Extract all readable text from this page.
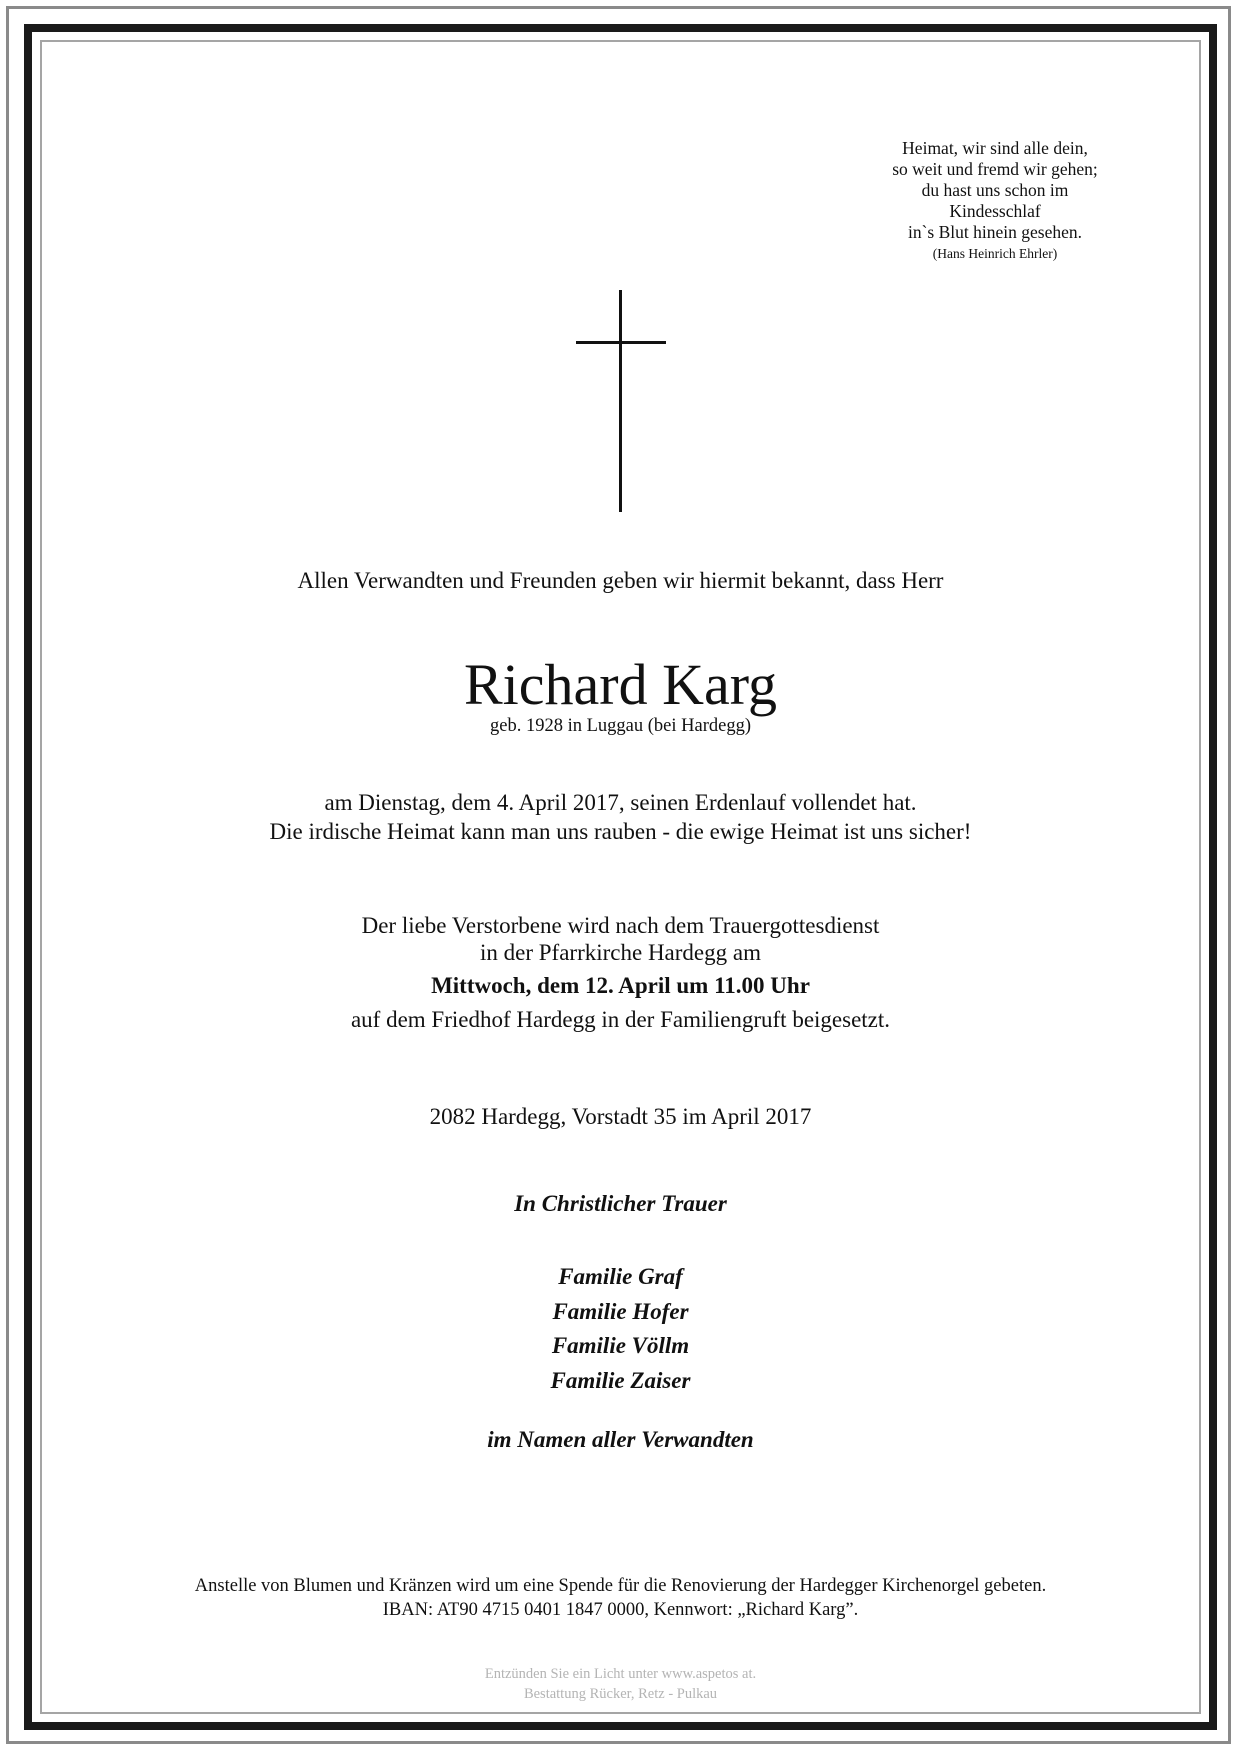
Heimat, wir sind alle dein,
so weit und fremd wir gehen;
du hast uns schon im
Kindesschlaf
in`s Blut hinein gesehen.
(Hans Heinrich Ehrler)
Allen Verwandten und Freunden geben wir hiermit bekannt, dass Herr
Richard Karg
geb. 1928 in Luggau (bei Hardegg)
am Dienstag, dem 4. April 2017, seinen Erdenlauf vollendet hat.
Die irdische Heimat kann man uns rauben - die ewige Heimat ist uns sicher!
Der liebe Verstorbene wird nach dem Trauergottesdienst
in der Pfarrkirche Hardegg am
Mittwoch, dem 12. April um 11.00 Uhr
auf dem Friedhof Hardegg in der Familiengruft beigesetzt.
2082 Hardegg, Vorstadt 35 im April 2017
In Christlicher Trauer
Familie Graf
Familie Hofer
Familie Völlm
Familie Zaiser
im Namen aller Verwandten
Anstelle von Blumen und Kränzen wird um eine Spende für die Renovierung der Hardegger Kirchenorgel gebeten.
IBAN: AT90 4715 0401 1847 0000, Kennwort: „Richard Karg”.
Entzünden Sie ein Licht unter www.aspetos at.
Bestattung Rücker, Retz - Pulkau
